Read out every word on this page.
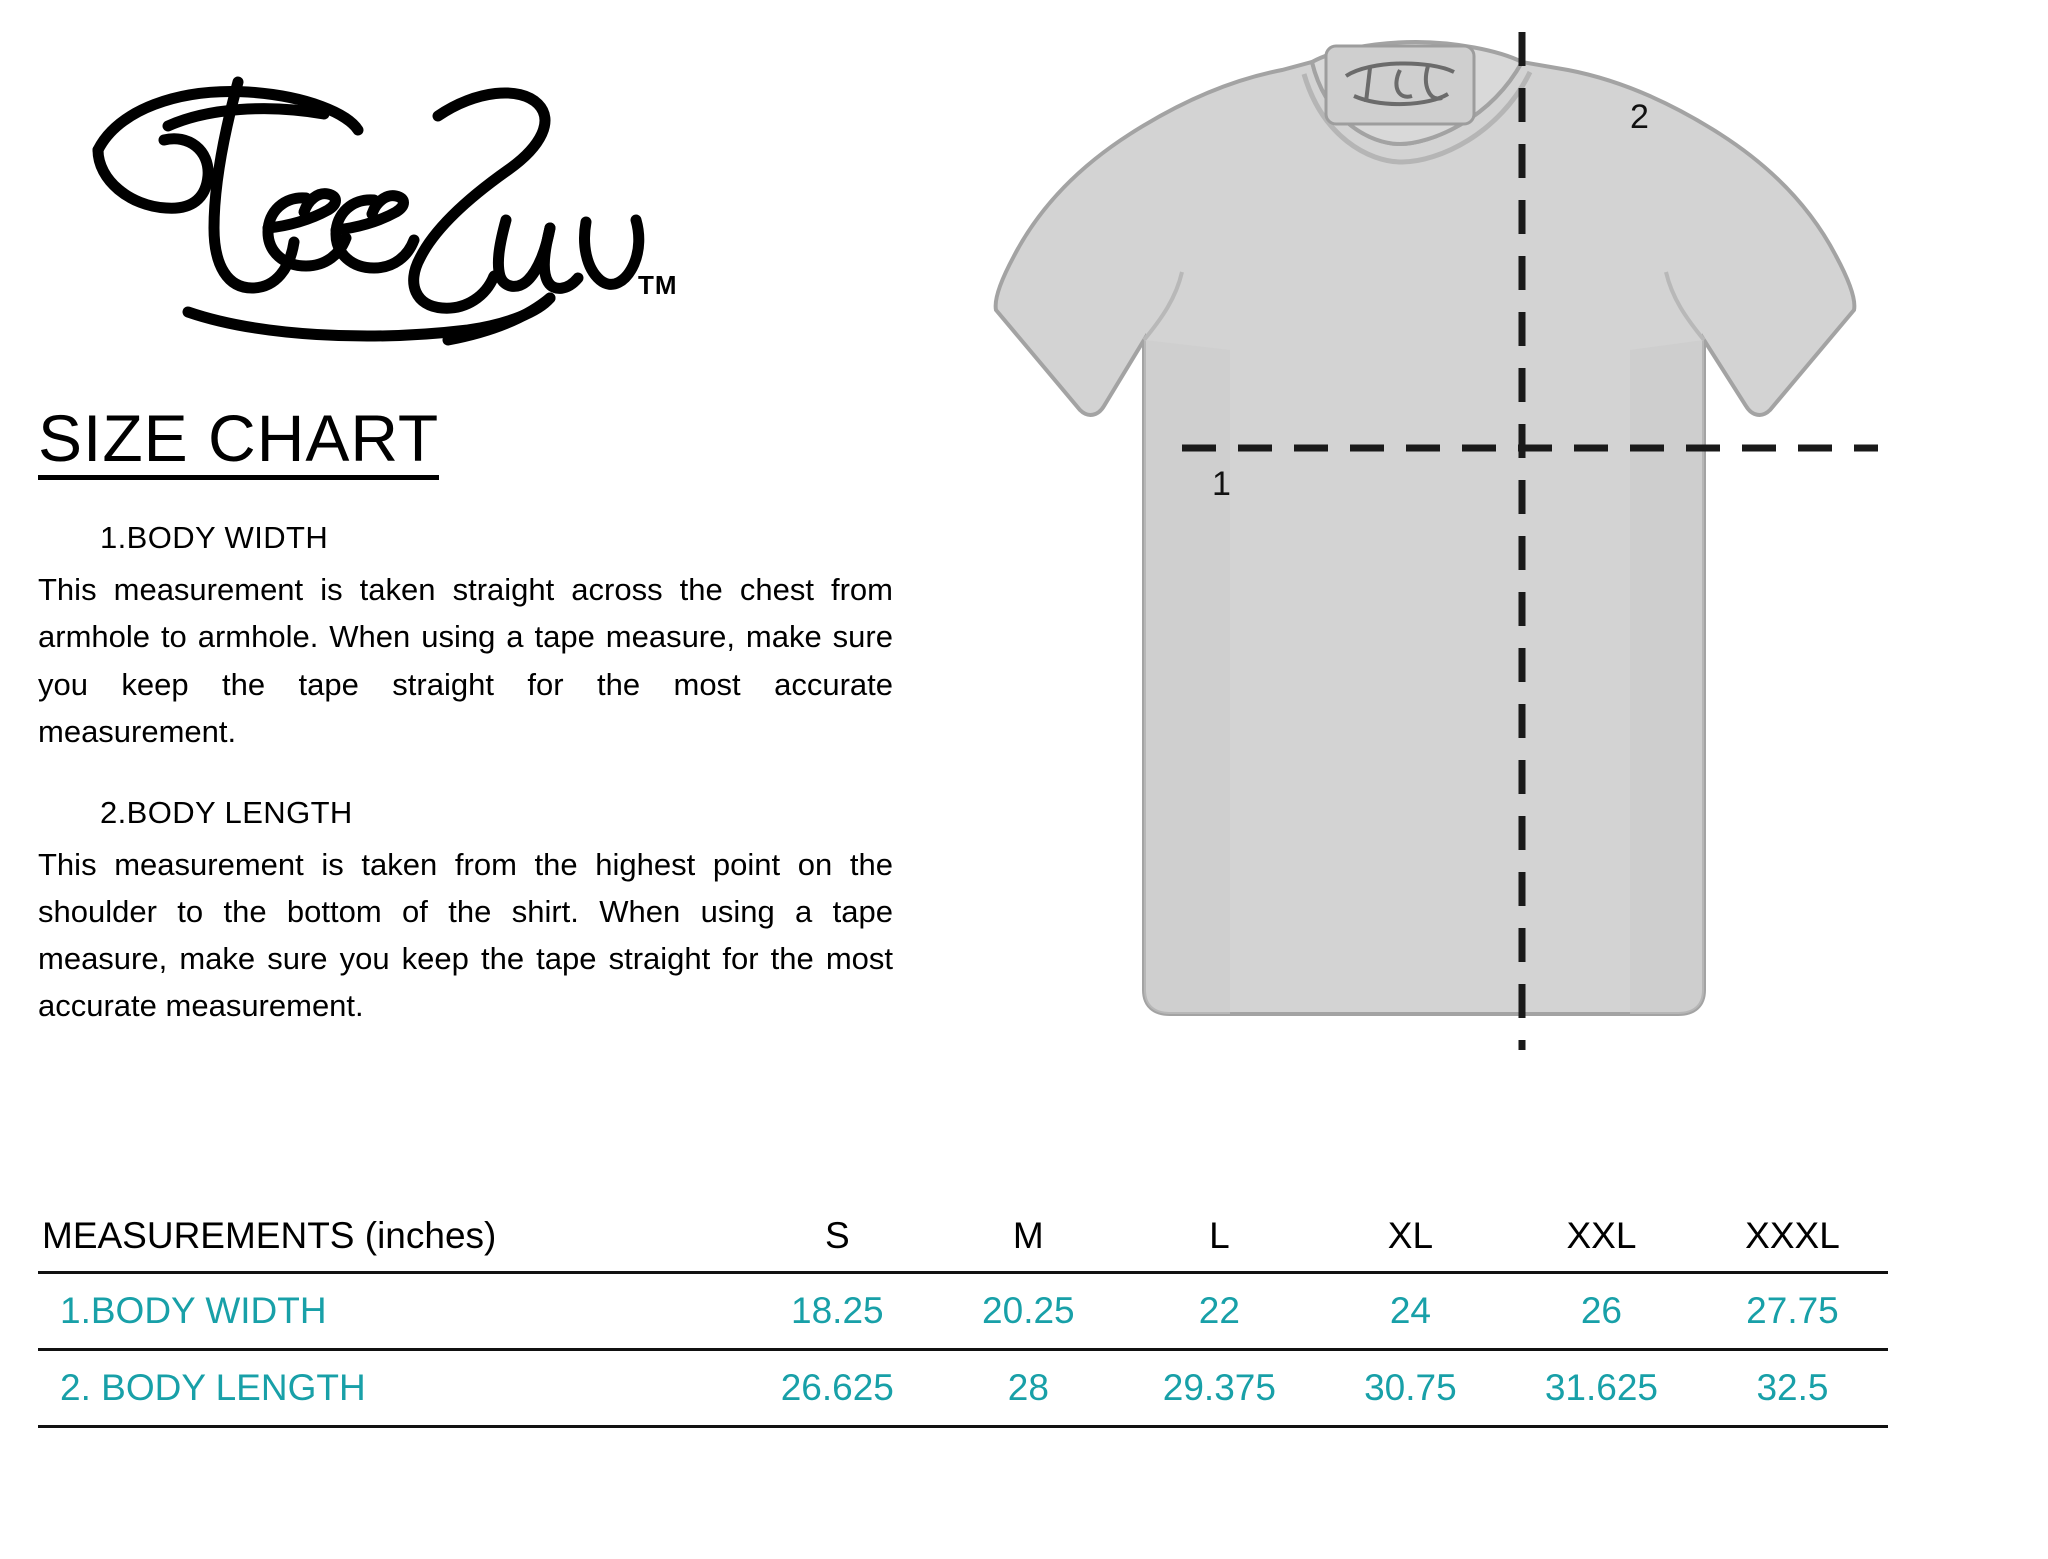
TM
SIZE CHART
1.BODY WIDTH
This measurement is taken straight across the chest from armhole to armhole. When using a tape measure, make sure you keep the tape straight for the most accurate measurement.
2.BODY LENGTH
This measurement is taken from the highest point on the shoulder to the bottom of the shirt. When using a tape measure, make sure you keep the tape straight for the most accurate measurement.
1
2
MEASUREMENTS (inches)	S	M	L	XL	XXL	XXXL
1.BODY WIDTH	18.25	20.25	22	24	26	27.75
2. BODY LENGTH	26.625	28	29.375	30.75	31.625	32.5
